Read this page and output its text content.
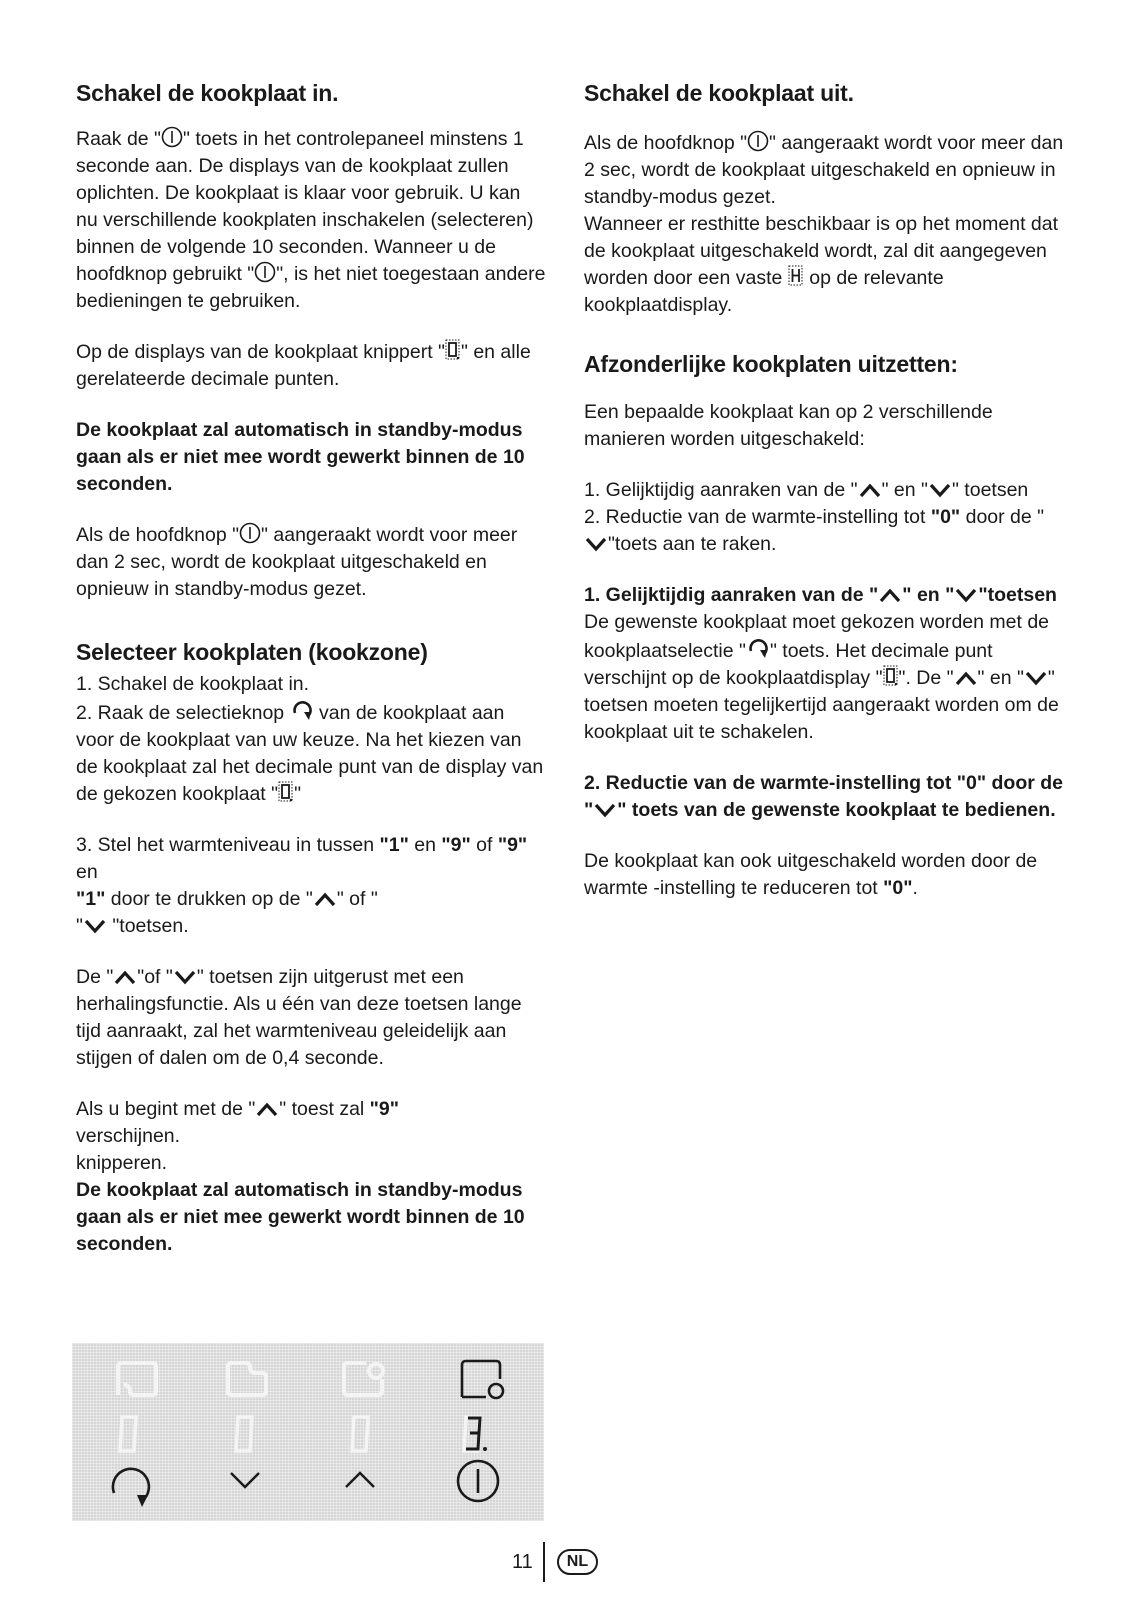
Schakel de kookplaat in.

Raak de " " toets in het controlepaneel minstens 1 seconde aan. De displays van de kookplaat zullen oplichten. De kookplaat is klaar voor gebruik. U kan nu verschillende kookplaten inschakelen (selecteren) binnen de volgende 10 seconden. Wanneer u de hoofdknop gebruikt " ", is het niet toegestaan andere bedieningen te gebruiken.

Op de displays van de kookplaat knippert " " en alle gerelateerde decimale punten.

De kookplaat zal automatisch in standby-modus gaan als er niet mee wordt gewerkt binnen de 10 seconden.

Als de hoofdknop " " aangeraakt wordt voor meer dan 2 sec, wordt de kookplaat uitgeschakeld en opnieuw in standby-modus gezet.

Selecteer kookplaten (kookzone)

1. Schakel de kookplaat in.

2. Raak de selectieknop
van de kookplaat aan voor de kookplaat van uw keuze. Na het kiezen van de kookplaat zal het decimale punt van de display van de gekozen kookplaat " "

3. Stel het warmteniveau in tussen "1" en "9" of "9" en
"1" door te drukken op de " " of "
"
"toetsen.

De " "of " " toetsen zijn uitgerust met een herhalingsfunctie. Als u één van deze toetsen lange tijd aanraakt, zal het warmteniveau geleidelijk aan stijgen of dalen om de 0,4 seconde.

Als u begint met de " " toest zal "9"
verschijnen.
knipperen.

De kookplaat zal automatisch in standby-modus gaan als er niet mee gewerkt wordt binnen de 10 seconden.

Schakel de kookplaat uit.

Als de hoofdknop " " aangeraakt wordt voor meer dan 2 sec, wordt de kookplaat uitgeschakeld en opnieuw in standby-modus gezet.

Wanneer er resthitte beschikbaar is op het moment dat de kookplaat uitgeschakeld wordt, zal dit aangegeven worden door een vaste
op de relevante kookplaatdisplay.

Afzonderlijke kookplaten uitzetten:

Een bepaalde kookplaat kan op 2 verschillende manieren worden uitgeschakeld:

1. Gelijktijdig aanraken van de " " en " " toetsen
2. Reductie van de warmte-instelling tot "0" door de "
"toets aan te raken.

1. Gelijktijdig aanraken van de " " en " "toetsen

De gewenste kookplaat moet gekozen worden met de kookplaatselectie " " toets. Het decimale punt verschijnt op de kookplaatdisplay " ". De " " en " " toetsen moeten tegelijkertijd aangeraakt worden om de kookplaat uit te schakelen.

2. Reductie van de warmte-instelling tot "0" door de " " toets van de gewenste kookplaat te bedienen.

De kookplaat kan ook uitgeschakeld worden door de warmte -instelling te reduceren tot "0".

11	NL
